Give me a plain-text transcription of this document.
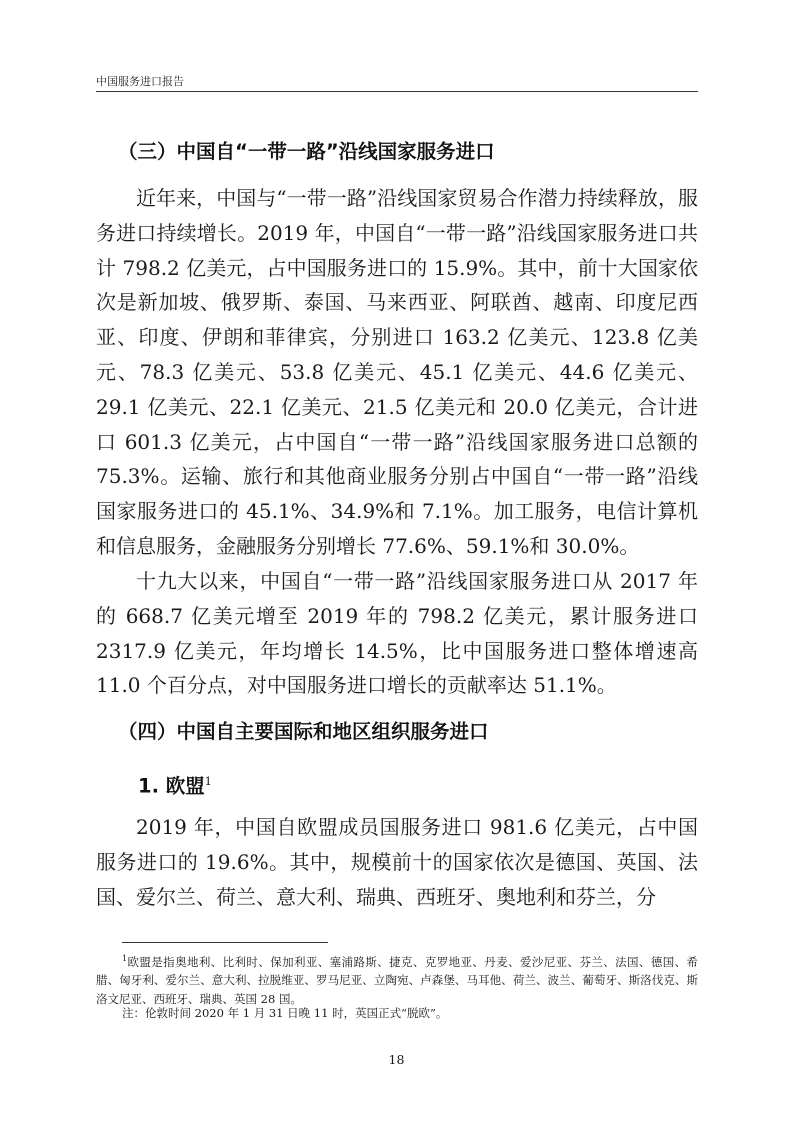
中国服务进口报告
（三）中国自“一带一路”沿线国家服务进口

近年来，中国与“一带一路”沿线国家贸易合作潜力持续释放，服务进口持续增长。2019 年，中国自“一带一路”沿线国家服务进口共计 798.2 亿美元，占中国服务进口的 15.9%。其中，前十大国家依次是新加坡、俄罗斯、泰国、马来西亚、阿联酋、越南、印度尼西亚、印度、伊朗和菲律宾，分别进口 163.2 亿美元、123.8 亿美元、78.3 亿美元、53.8 亿美元、45.1 亿美元、44.6 亿美元、29.1 亿美元、22.1 亿美元、21.5 亿美元和 20.0 亿美元，合计进口 601.3 亿美元，占中国自“一带一路”沿线国家服务进口总额的 75.3%。运输、旅行和其他商业服务分别占中国自“一带一路”沿线国家服务进口的 45.1%、34.9%和 7.1%。加工服务，电信计算机和信息服务，金融服务分别增长 77.6%、59.1%和 30.0%。

十九大以来，中国自“一带一路”沿线国家服务进口从 2017 年的 668.7 亿美元增至 2019 年的 798.2 亿美元，累计服务进口 2317.9 亿美元，年均增长 14.5%，比中国服务进口整体增速高 11.0 个百分点，对中国服务进口增长的贡献率达 51.1%。

（四）中国自主要国际和地区组织服务进口
1. 欧盟$^1$

2019 年，中国自欧盟成员国服务进口 981.6 亿美元，占中国服务进口的 19.6%。其中，规模前十的国家依次是德国、英国、法国、爱尔兰、荷兰、意大利、瑞典、西班牙、奥地利和芬兰，分

$^1$欧盟是指奥地利、比利时、保加利亚、塞浦路斯、捷克、克罗地亚、丹麦、爱沙尼亚、芬兰、法国、德国、希腊、匈牙利、爱尔兰、意大利、拉脱维亚、罗马尼亚、立陶宛、卢森堡、马耳他、荷兰、波兰、葡萄牙、斯洛伐克、斯洛文尼亚、西班牙、瑞典、英国 28 国。

注：伦敦时间 2020 年 1 月 31 日晚 11 时，英国正式“脱欧”。
18
